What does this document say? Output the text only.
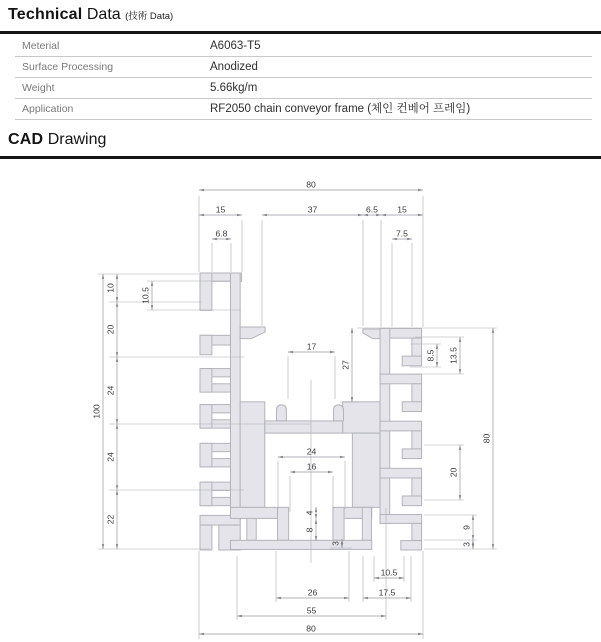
Technical Data (技術 Data)
Meterial	A6063-T5
Surface Processing	Anodized
Weight	5.66kg/m
Application	RF2050 chain conveyor frame (체인 컨베어 프레임)
CAD Drawing
80
15	37	6.5 15
6.8	7.5
17
24
16
10.5
26	17.5
55
80
100
10
20
24
24
22
10.5
27
8.5 13.5
20
80
9
3
4
8
3
